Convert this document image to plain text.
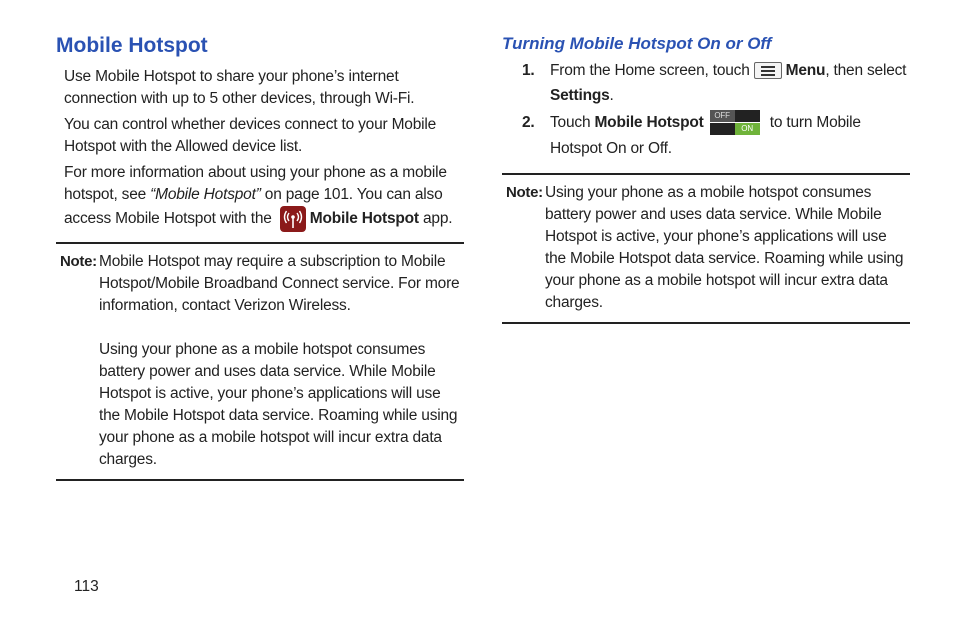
Mobile Hotspot

Use Mobile Hotspot to share your phone’s internet connection with up to 5 other devices, through Wi-Fi.

You can control whether devices connect to your Mobile Hotspot with the Allowed device list.

For more information about using your phone as a mobile hotspot, see “Mobile Hotspot” on page 101. You can also access Mobile Hotspot with the Mobile Hotspot app.

Note: Mobile Hotspot may require a subscription to Mobile Hotspot/Mobile Broadband Connect service. For more information, contact Verizon Wireless.

Using your phone as a mobile hotspot consumes battery power and uses data service. While Mobile Hotspot is active, your phone’s applications will use the Mobile Hotspot data service. Roaming while using your phone as a mobile hotspot will incur extra data charges.

Turning Mobile Hotspot On or Off
1. From the Home screen, touch Menu, then select Settings.
2. Touch Mobile Hotspot	OFF
ON to turn Mobile Hotspot On or Off.
Note: Using your phone as a mobile hotspot consumes battery power and uses data service. While Mobile Hotspot is active, your phone’s applications will use the Mobile Hotspot data service. Roaming while using your phone as a mobile hotspot will incur extra data charges.

113
